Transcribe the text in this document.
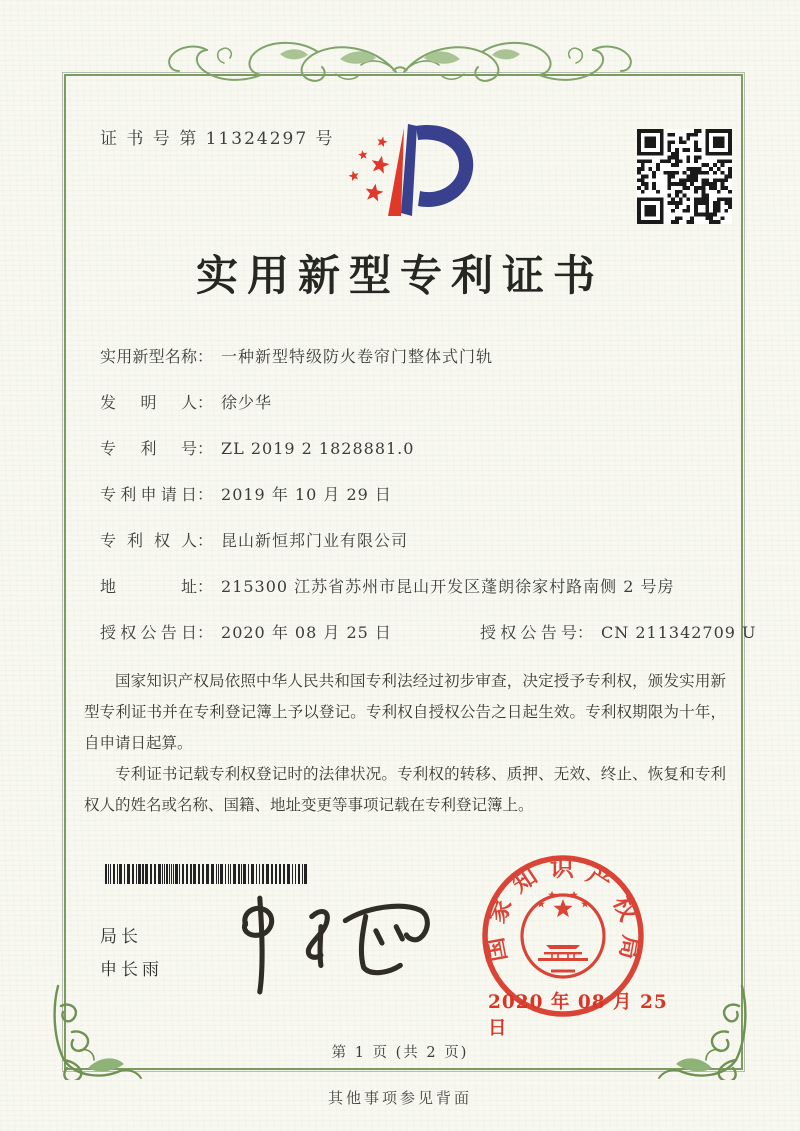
证 书 号 第 11324297 号
实用新型专利证书
实用新型名称： 一种新型特级防火卷帘门整体式门轨
发明人： 徐少华
专利号： ZL 2019 2 1828881.0
专利申请日： 2019 年 10 月 29 日
专利权人： 昆山新恒邦门业有限公司
地址： 215300 江苏省苏州市昆山开发区蓬朗徐家村路南侧 2 号房
授权公告日： 2020 年 08 月 25 日	授权公告号： CN 211342709 U

国家知识产权局依照中华人民共和国专利法经过初步审查，决定授予专利权，颁发实用新型专利证书并在专利登记簿上予以登记。专利权自授权公告之日起生效。专利权期限为十年，自申请日起算。

专利证书记载专利权登记时的法律状况。专利权的转移、质押、无效、终止、恢复和专利权人的姓名或名称、国籍、地址变更等事项记载在专利登记簿上。

局长
申长雨
国家知识产权局
2020 年 08 月 25 日
第 1 页 (共 2 页)
其他事项参见背面
